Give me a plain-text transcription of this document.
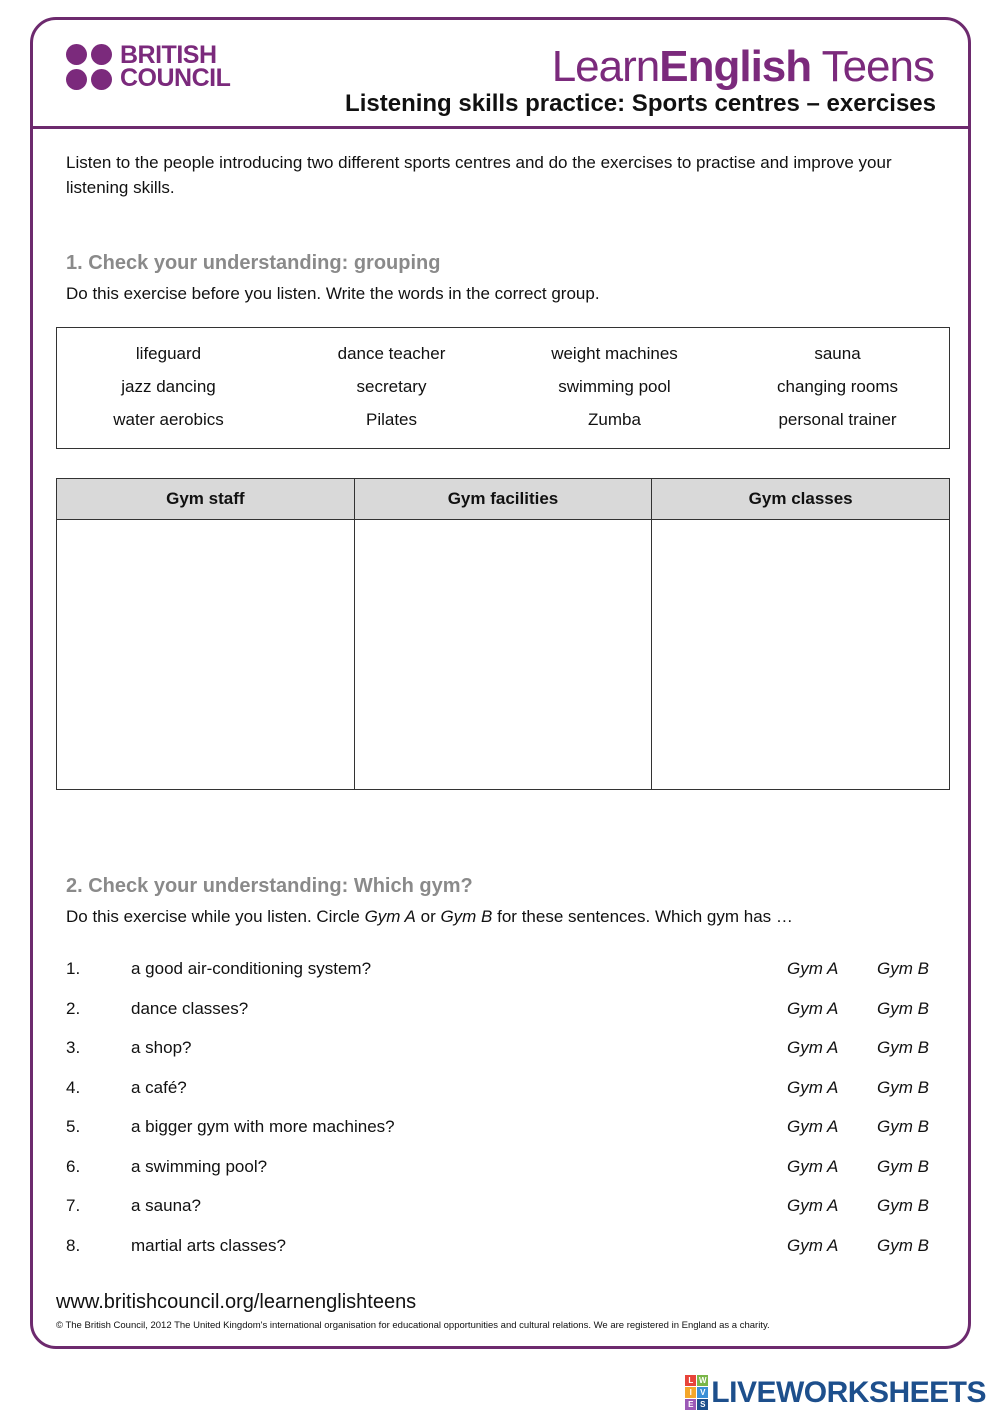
BRITISH
COUNCIL	LearnEnglish Teens
Listening skills practice: Sports centres – exercises

Listen to the people introducing two different sports centres and do the exercises to practise and improve your listening skills.

1. Check your understanding: grouping
Do this exercise before you listen. Write the words in the correct group.
lifeguard	dance teacher	weight machines	sauna
jazz dancing	secretary	swimming pool	changing rooms
water aerobics	Pilates	Zumba	personal trainer
Gym staff	Gym facilities	Gym classes

2. Check your understanding: Which gym?
Do this exercise while you listen. Circle Gym A or Gym B for these sentences. Which gym has …
1.	a good air-conditioning system?	Gym A Gym B
2.	dance classes?	Gym A Gym B
3.	a shop?	Gym A Gym B
4.	a café?	Gym A Gym B
5.	a bigger gym with more machines?	Gym A Gym B
6.	a swimming pool?	Gym A Gym B
7.	a sauna?	Gym A Gym B
8.	martial arts classes?	Gym A Gym B
www.britishcouncil.org/learnenglishteens
© The British Council, 2012 The United Kingdom's international organisation for educational opportunities and cultural relations. We are registered in England as a charity.
L W
I	V
E S LIVEWORKSHEETS
